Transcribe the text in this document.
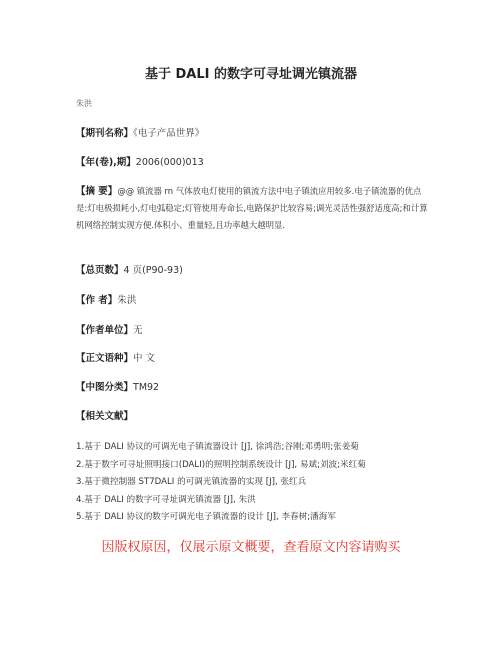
基于 DALI 的数字可寻址调光镇流器
朱洪
【期刊名称】《电子产品世界》
【年(卷),期】2006(000)013
【摘 要】@@ 镇流器 rn 气体放电灯使用的镇流方法中电子镇流应用较多.电子镇流器的优点是:灯电极损耗小,灯电弧稳定;灯管使用寿命长,电路保护比较容易;调光灵活性强舒适度高;和计算机网络控制实现方便.体积小、重量轻,且功率越大越明显.
【总页数】4 页(P90-93)
【作 者】朱洪
【作者单位】无
【正文语种】中 文
【中图分类】TM92
【相关文献】
1.基于 DALI 协议的可调光电子镇流器设计 [J], 徐鸿浩;谷刚;邓勇明;张姜菊
2.基于数字可寻址照明接口(DALI)的照明控制系统设计 [J], 易斌;刘波;米红菊
3.基于微控制器 ST7DALI 的可调光镇流器的实现 [J], 张红兵
4.基于 DALI 的数字可寻址调光镇流器 [J], 朱洪
5.基于 DALI 协议的数字可调光电子镇流器的设计 [J], 李春树;潘海军
因版权原因，仅展示原文概要，查看原文内容请购买
